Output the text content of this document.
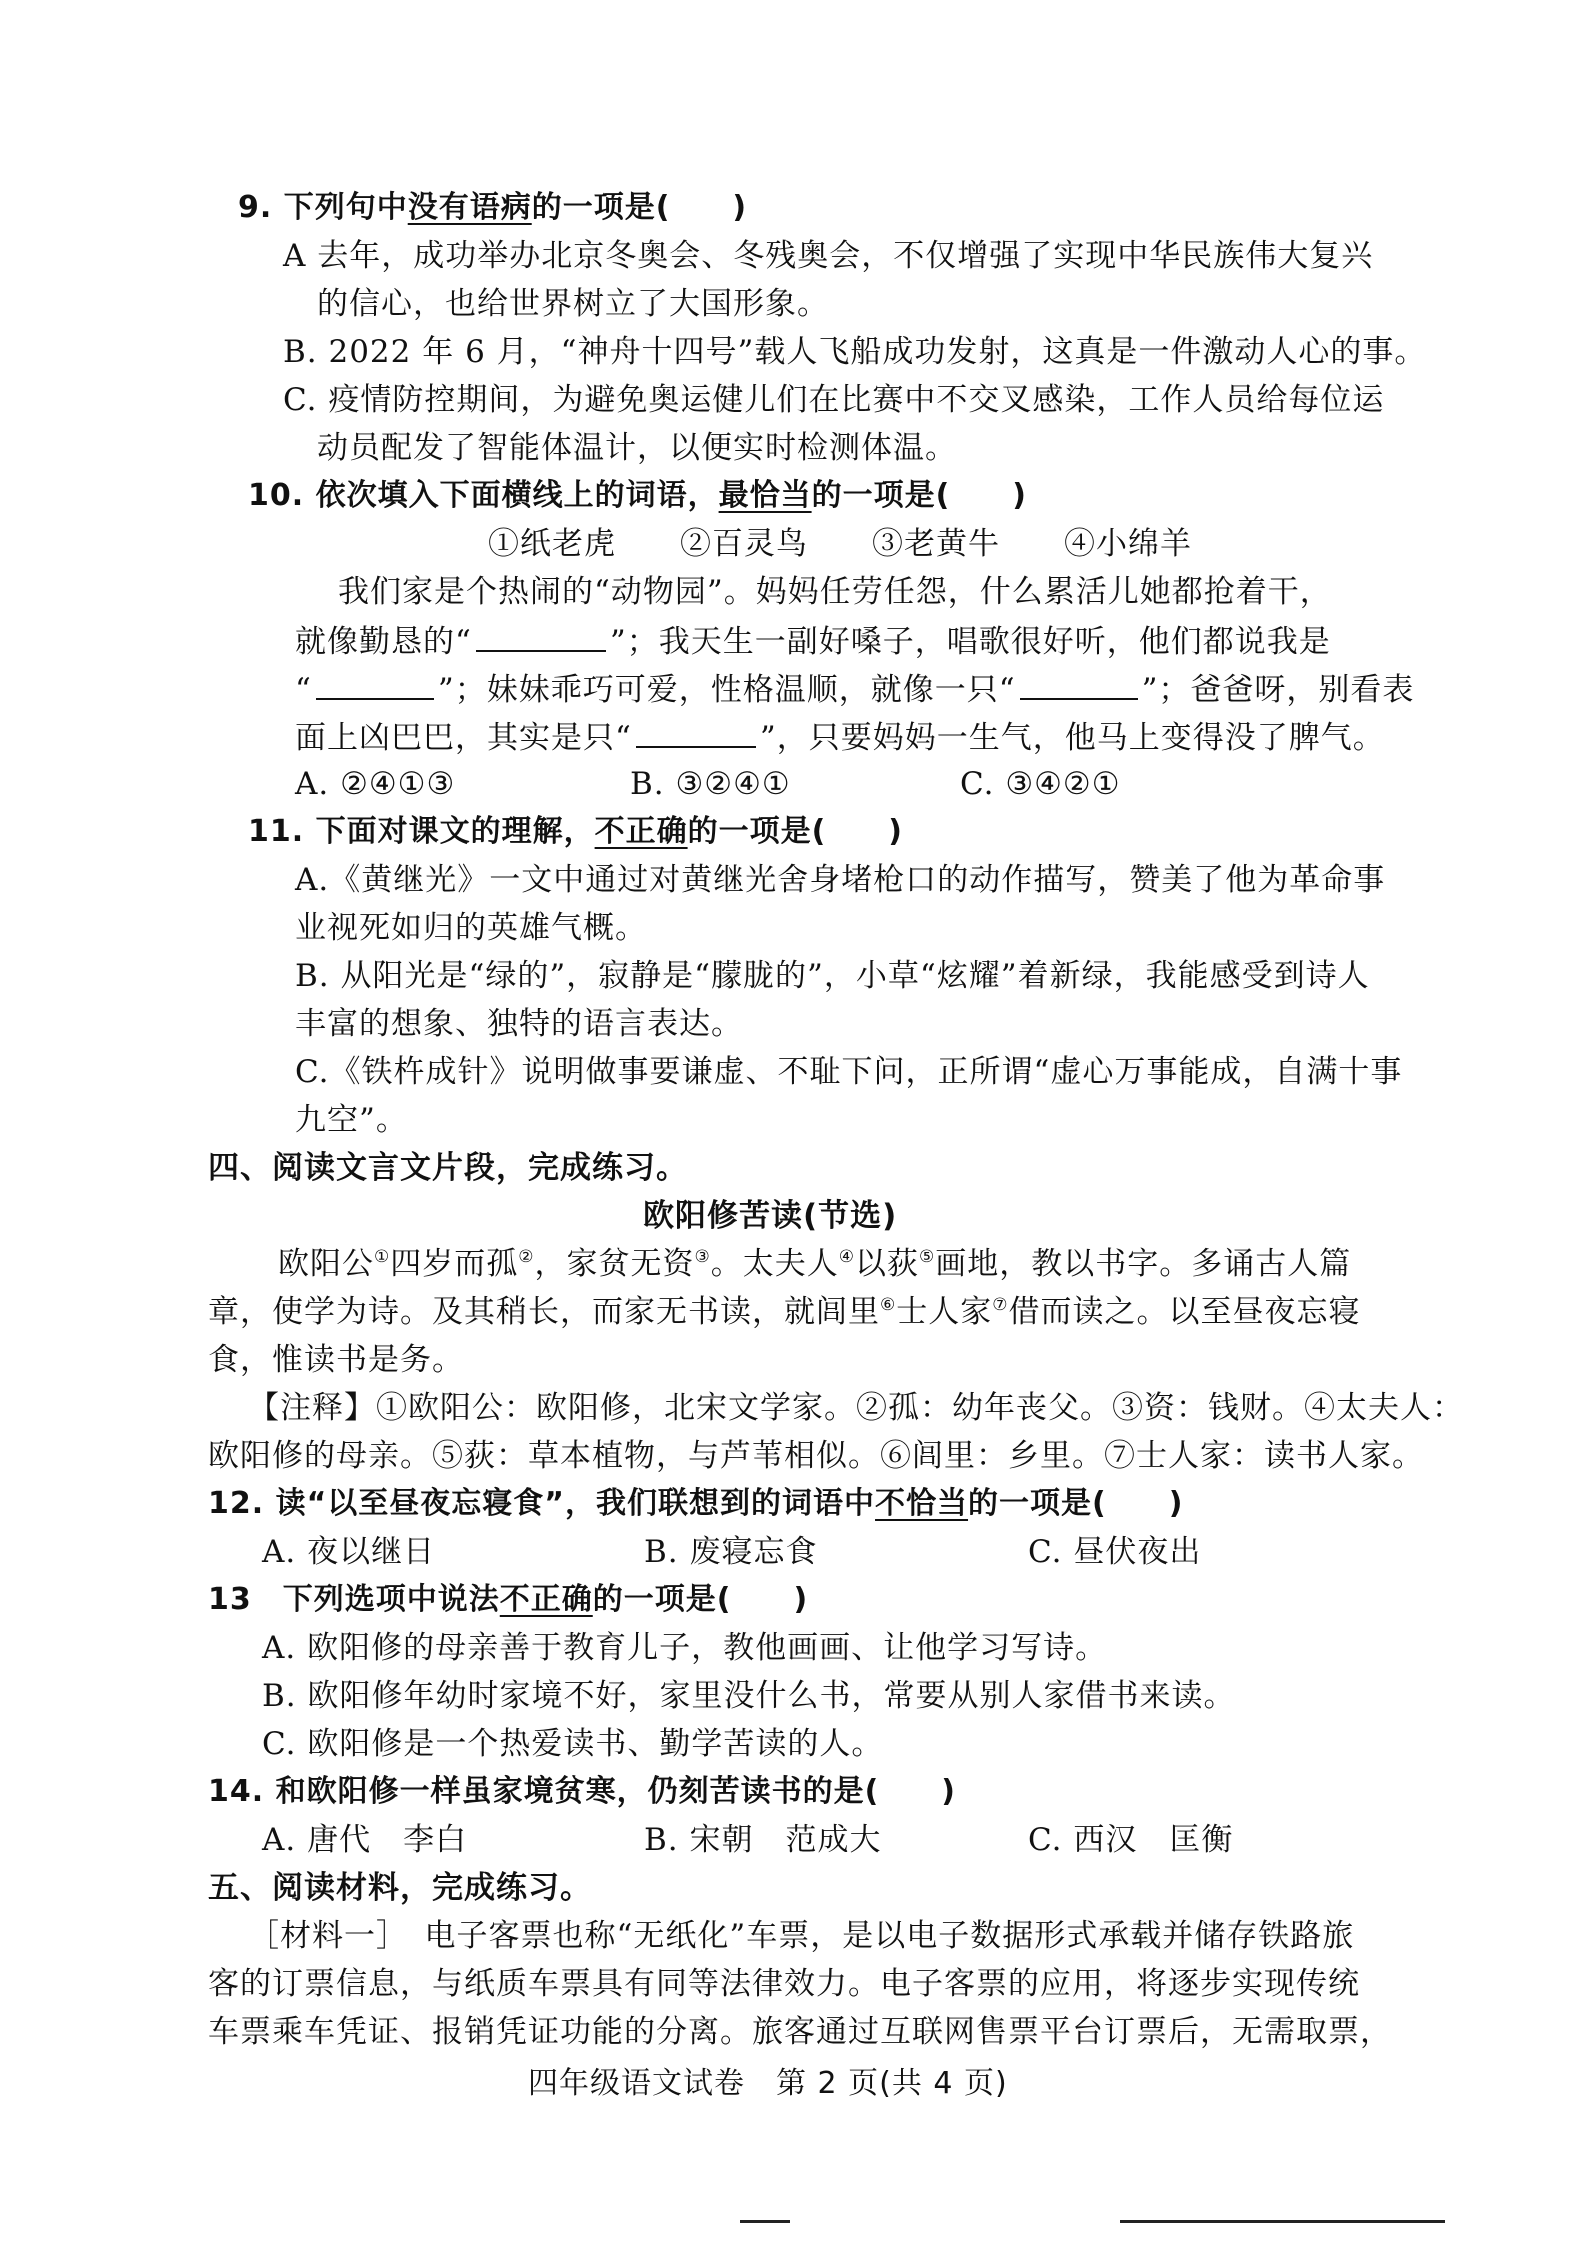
9. 下列句中没有语病的一项是(　　)
A 去年，成功举办北京冬奥会、冬残奥会，不仅增强了实现中华民族伟大复兴
的信心，也给世界树立了大国形象。
B. 2022 年 6 月，“神舟十四号”载人飞船成功发射，这真是一件激动人心的事。
C. 疫情防控期间，为避免奥运健儿们在比赛中不交叉感染，工作人员给每位运
动员配发了智能体温计，以便实时检测体温。
10. 依次填入下面横线上的词语，最恰当的一项是(　　)
①纸老虎　　②百灵鸟　　③老黄牛　　④小绵羊
我们家是个热闹的“动物园”。妈妈任劳任怨，什么累活儿她都抢着干，
就像勤恳的“	”；我天生一副好嗓子，唱歌很好听，他们都说我是
“	”；妹妹乖巧可爱，性格温顺，就像一只“	”；爸爸呀，别看表
面上凶巴巴，其实是只“	”，只要妈妈一生气，他马上变得没了脾气。
A. ②④①③	B. ③②④①	C. ③④②①
11. 下面对课文的理解，不正确的一项是(　　)
A.《黄继光》一文中通过对黄继光舍身堵枪口的动作描写，赞美了他为革命事
业视死如归的英雄气概。
B. 从阳光是“绿的”，寂静是“朦胧的”，小草“炫耀”着新绿，我能感受到诗人
丰富的想象、独特的语言表达。
C.《铁杵成针》说明做事要谦虚、不耻下问，正所谓“虚心万事能成，自满十事
九空”。
四、阅读文言文片段，完成练习。
欧阳修苦读(节选)
欧阳公①四岁而孤②，家贫无资③。太夫人④以荻⑤画地，教以书字。多诵古人篇
章，使学为诗。及其稍长，而家无书读，就闾里⑥士人家⑦借而读之。以至昼夜忘寝
食，惟读书是务。
【注释】①欧阳公：欧阳修，北宋文学家。②孤：幼年丧父。③资：钱财。④太夫人：
欧阳修的母亲。⑤荻：草本植物，与芦苇相似。⑥闾里：乡里。⑦士人家：读书人家。
12. 读“以至昼夜忘寝食”，我们联想到的词语中不恰当的一项是(　　)
A. 夜以继日	B. 废寝忘食	C. 昼伏夜出
13　下列选项中说法不正确的一项是(　　)
A. 欧阳修的母亲善于教育儿子，教他画画、让他学习写诗。
B. 欧阳修年幼时家境不好，家里没什么书，常要从别人家借书来读。
C. 欧阳修是一个热爱读书、勤学苦读的人。
14. 和欧阳修一样虽家境贫寒，仍刻苦读书的是(　　)
A. 唐代　李白	B. 宋朝　范成大	C. 西汉　匡衡
五、阅读材料，完成练习。
［材料一］　电子客票也称“无纸化”车票，是以电子数据形式承载并储存铁路旅
客的订票信息，与纸质车票具有同等法律效力。电子客票的应用，将逐步实现传统
车票乘车凭证、报销凭证功能的分离。旅客通过互联网售票平台订票后，无需取票，
四年级语文试卷　第 2 页(共 4 页)
